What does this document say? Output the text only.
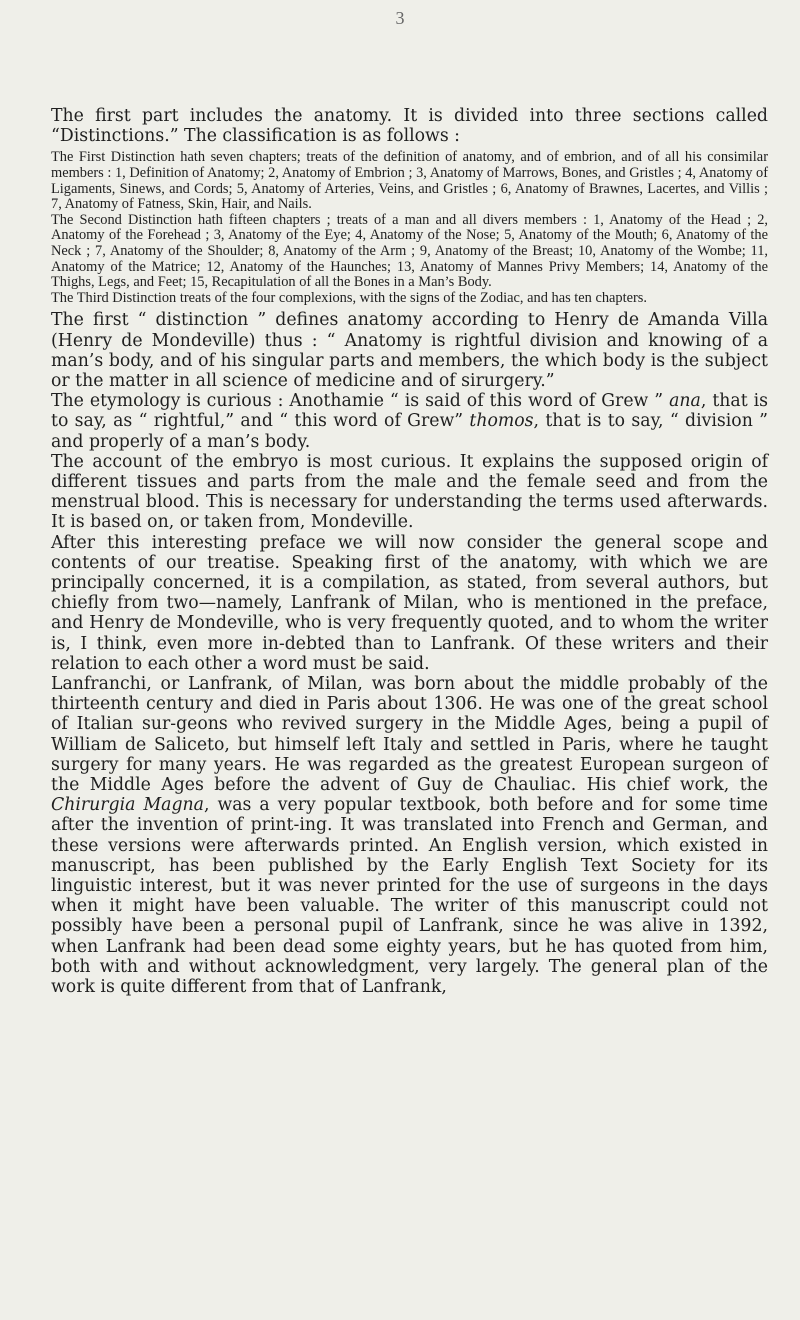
3

The first part includes the anatomy. It is divided into three sections called “Distinctions.” The classification is as follows :

The First Distinction hath seven chapters; treats of the definition of anatomy, and of embrion, and of all his consimilar members : 1, Definition of Anatomy; 2, Anatomy of Embrion ; 3, Anatomy of Marrows, Bones, and Gristles ; 4, Anatomy of Ligaments, Sinews, and Cords; 5, Anatomy of Arteries, Veins, and Gristles ; 6, Anatomy of Brawnes, Lacertes, and Villis ; 7, Anatomy of Fatness, Skin, Hair, and Nails.

The Second Distinction hath fifteen chapters ; treats of a man and all divers members : 1, Anatomy of the Head ; 2, Anatomy of the Forehead ; 3, Anatomy of the Eye; 4, Anatomy of the Nose; 5, Anatomy of the Mouth; 6, Anatomy of the Neck ; 7, Anatomy of the Shoulder; 8, Anatomy of the Arm ; 9, Anatomy of the Breast; 10, Anatomy of the Wombe; 11, Anatomy of the Matrice; 12, Anatomy of the Haunches; 13, Anatomy of Mannes Privy Members; 14, Anatomy of the Thighs, Legs, and Feet; 15, Recapitulation of all the Bones in a Man’s Body.

The Third Distinction treats of the four complexions, with the signs of the Zodiac, and has ten chapters.

The first “ distinction ” defines anatomy according to Henry de Amanda Villa (Henry de Mondeville) thus : “ Anatomy is rightful division and knowing of a man’s body, and of his singular parts and members, the which body is the subject or the matter in all science of medicine and of sirurgery.”

The etymology is curious : Anothamie “ is said of this word of Grew ” ana, that is to say, as “ rightful,” and “ this word of Grew” thomos, that is to say, “ division ” and properly of a man’s body.

The account of the embryo is most curious. It explains the supposed origin of different tissues and parts from the male and the female seed and from the menstrual blood. This is necessary for understanding the terms used afterwards. It is based on, or taken from, Mondeville.

After this interesting preface we will now consider the general scope and contents of our treatise. Speaking first of the anatomy, with which we are principally concerned, it is a compilation, as stated, from several authors, but chiefly from two—namely, Lanfrank of Milan, who is mentioned in the preface, and Henry de Mondeville, who is very frequently quoted, and to whom the writer is, I think, even more in-debted than to Lanfrank. Of these writers and their relation to each other a word must be said.

Lanfranchi, or Lanfrank, of Milan, was born about the middle probably of the thirteenth century and died in Paris about 1306. He was one of the great school of Italian sur-geons who revived surgery in the Middle Ages, being a pupil of William de Saliceto, but himself left Italy and settled in Paris, where he taught surgery for many years. He was regarded as the greatest European surgeon of the Middle Ages before the advent of Guy de Chauliac. His chief work, the Chirurgia Magna, was a very popular textbook, both before and for some time after the invention of print-ing. It was translated into French and German, and these versions were afterwards printed. An English version, which existed in manuscript, has been published by the Early English Text Society for its linguistic interest, but it was never printed for the use of surgeons in the days when it might have been valuable. The writer of this manuscript could not possibly have been a personal pupil of Lanfrank, since he was alive in 1392, when Lanfrank had been dead some eighty years, but he has quoted from him, both with and without acknowledgment, very largely. The general plan of the work is quite different from that of Lanfrank,
